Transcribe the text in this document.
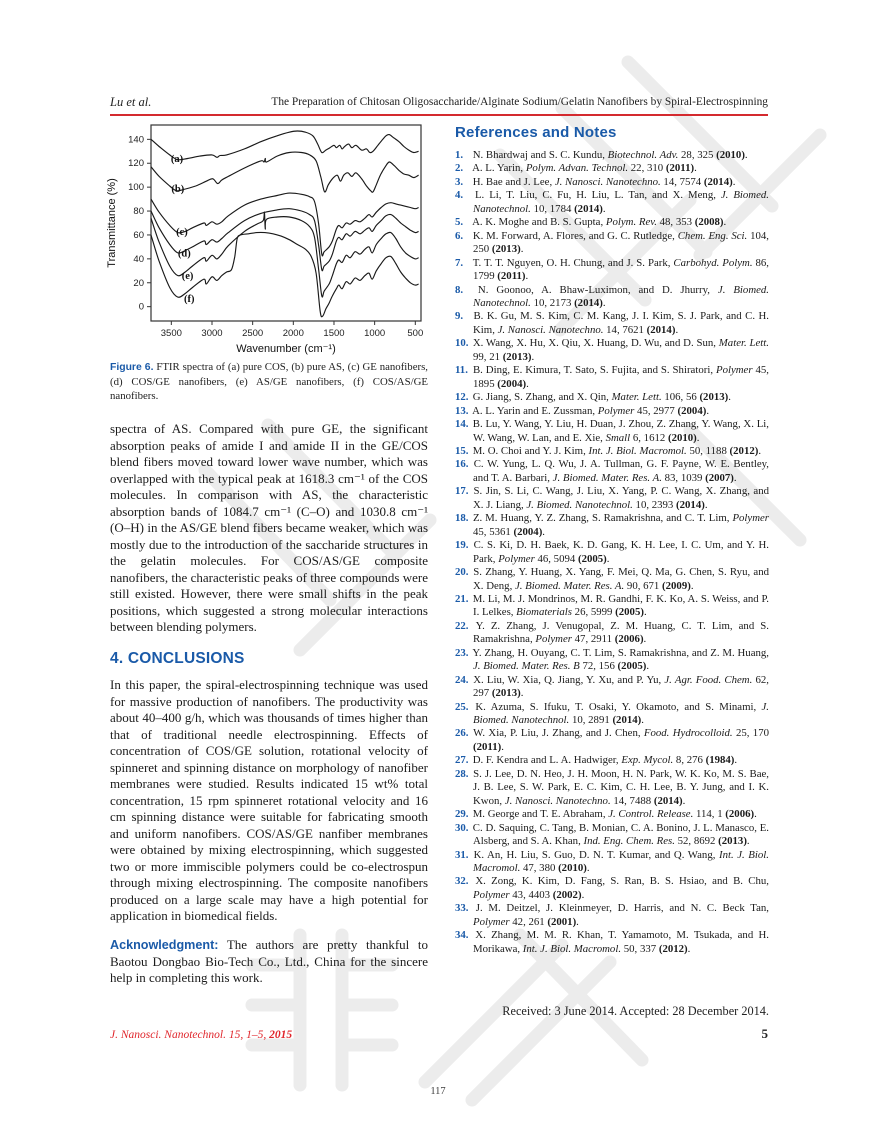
Lu et al.	The Preparation of Chitosan Oligosaccharide/Alginate Sodium/Gelatin Nanofibers by Spiral-Electrospinning
3500 3000 2500 2000 1500 1000 500
0
20
40
60
80
100
120
140
Wavenumber (cm⁻¹)
Transmittance (%)
(a)
(b)
(c)
(d)
(e)
(f)
Figure 6. FTIR spectra of (a) pure COS, (b) pure AS, (c) GE nanofibers, (d) COS/GE nanofibers, (e) AS/GE nanofibers, (f) COS/AS/GE nanofibers.
spectra of AS. Compared with pure GE, the significant absorption peaks of amide I and amide II in the GE/COS blend fibers moved toward lower wave number, which was overlapped with the typical peak at 1618.3 cm⁻¹ of the COS molecules. In comparison with AS, the characteristic absorption bands of 1084.7 cm⁻¹ (C–O) and 1030.8 cm⁻¹ (O–H) in the AS/GE blend fibers became weaker, which was mostly due to the introduction of the saccharide structures in the gelatin molecules. For COS/AS/GE composite nanofibers, the characteristic peaks of three compounds were still existed. However, there were small shifts in the peak positions, which suggested a strong molecular interactions between blending polymers.
4. CONCLUSIONS
In this paper, the spiral-electrospinning technique was used for massive production of nanofibers. The productivity was about 40–400 g/h, which was thousands of times higher than that of traditional needle electrospinning. Effects of concentration of COS/GE solution, rotational velocity of spinneret and spinning distance on morphology of nanofiber membranes were studied. Results indicated 15 wt% total concentration, 15 rpm spinneret rotational velocity and 16 cm spinning distance were suitable for fabricating smooth and uniform nanofibers. COS/AS/GE nanfiber membranes were obtained by mixing electrospinning, which suggested two or more immiscible polymers could be co-electrospun through mixing electrospinning. The composite nanofibers produced on a large scale may have a high potential for application in biomedical fields.
Acknowledgment: The authors are pretty thankful to Baotou Dongbao Bio-Tech Co., Ltd., China for the sincere help in completing this work.
References and Notes
1. N. Bhardwaj and S. C. Kundu, Biotechnol. Adv. 28, 325 (2010).
2. A. L. Yarin, Polym. Advan. Technol. 22, 310 (2011).
3. H. Bae and J. Lee, J. Nanosci. Nanotechno. 14, 7574 (2014).
4. L. Li, T. Liu, C. Fu, H. Liu, L. Tan, and X. Meng, J. Biomed. Nanotechnol. 10, 1784 (2014).
5. A. K. Moghe and B. S. Gupta, Polym. Rev. 48, 353 (2008).
6. K. M. Forward, A. Flores, and G. C. Rutledge, Chem. Eng. Sci. 104, 250 (2013).
7. T. T. T. Nguyen, O. H. Chung, and J. S. Park, Carbohyd. Polym. 86, 1799 (2011).
8. N. Goonoo, A. Bhaw-Luximon, and D. Jhurry, J. Biomed. Nanotechnol. 10, 2173 (2014).
9. B. K. Gu, M. S. Kim, C. M. Kang, J. I. Kim, S. J. Park, and C. H. Kim, J. Nanosci. Nanotechno. 14, 7621 (2014).
10. X. Wang, X. Hu, X. Qiu, X. Huang, D. Wu, and D. Sun, Mater. Lett. 99, 21 (2013).
11. B. Ding, E. Kimura, T. Sato, S. Fujita, and S. Shiratori, Polymer 45, 1895 (2004).
12. G. Jiang, S. Zhang, and X. Qin, Mater. Lett. 106, 56 (2013).
13. A. L. Yarin and E. Zussman, Polymer 45, 2977 (2004).
14. B. Lu, Y. Wang, Y. Liu, H. Duan, J. Zhou, Z. Zhang, Y. Wang, X. Li, W. Wang, W. Lan, and E. Xie, Small 6, 1612 (2010).
15. M. O. Choi and Y. J. Kim, Int. J. Biol. Macromol. 50, 1188 (2012).
16. C. W. Yung, L. Q. Wu, J. A. Tullman, G. F. Payne, W. E. Bentley, and T. A. Barbari, J. Biomed. Mater. Res. A. 83, 1039 (2007).
17. S. Jin, S. Li, C. Wang, J. Liu, X. Yang, P. C. Wang, X. Zhang, and X. J. Liang, J. Biomed. Nanotechnol. 10, 2393 (2014).
18. Z. M. Huang, Y. Z. Zhang, S. Ramakrishna, and C. T. Lim, Polymer 45, 5361 (2004).
19. C. S. Ki, D. H. Baek, K. D. Gang, K. H. Lee, I. C. Um, and Y. H. Park, Polymer 46, 5094 (2005).
20. S. Zhang, Y. Huang, X. Yang, F. Mei, Q. Ma, G. Chen, S. Ryu, and X. Deng, J. Biomed. Mater. Res. A. 90, 671 (2009).
21. M. Li, M. J. Mondrinos, M. R. Gandhi, F. K. Ko, A. S. Weiss, and P. I. Lelkes, Biomaterials 26, 5999 (2005).
22. Y. Z. Zhang, J. Venugopal, Z. M. Huang, C. T. Lim, and S. Ramakrishna, Polymer 47, 2911 (2006).
23. Y. Zhang, H. Ouyang, C. T. Lim, S. Ramakrishna, and Z. M. Huang, J. Biomed. Mater. Res. B 72, 156 (2005).
24. X. Liu, W. Xia, Q. Jiang, Y. Xu, and P. Yu, J. Agr. Food. Chem. 62, 297 (2013).
25. K. Azuma, S. Ifuku, T. Osaki, Y. Okamoto, and S. Minami, J. Biomed. Nanotechnol. 10, 2891 (2014).
26. W. Xia, P. Liu, J. Zhang, and J. Chen, Food. Hydrocolloid. 25, 170 (2011).
27. D. F. Kendra and L. A. Hadwiger, Exp. Mycol. 8, 276 (1984).
28. S. J. Lee, D. N. Heo, J. H. Moon, H. N. Park, W. K. Ko, M. S. Bae, J. B. Lee, S. W. Park, E. C. Kim, C. H. Lee, B. Y. Jung, and I. K. Kwon, J. Nanosci. Nanotechno. 14, 7488 (2014).
29. M. George and T. E. Abraham, J. Control. Release. 114, 1 (2006).
30. C. D. Saquing, C. Tang, B. Monian, C. A. Bonino, J. L. Manasco, E. Alsberg, and S. A. Khan, Ind. Eng. Chem. Res. 52, 8692 (2013).
31. K. An, H. Liu, S. Guo, D. N. T. Kumar, and Q. Wang, Int. J. Biol. Macromol. 47, 380 (2010).
32. X. Zong, K. Kim, D. Fang, S. Ran, B. S. Hsiao, and B. Chu, Polymer 43, 4403 (2002).
33. J. M. Deitzel, J. Kleinmeyer, D. Harris, and N. C. Beck Tan, Polymer 42, 261 (2001).
34. X. Zhang, M. M. R. Khan, T. Yamamoto, M. Tsukada, and H. Morikawa, Int. J. Biol. Macromol. 50, 337 (2012).
Received: 3 June 2014. Accepted: 28 December 2014.
J. Nanosci. Nanotechnol. 15, 1–5, 2015	5
117
